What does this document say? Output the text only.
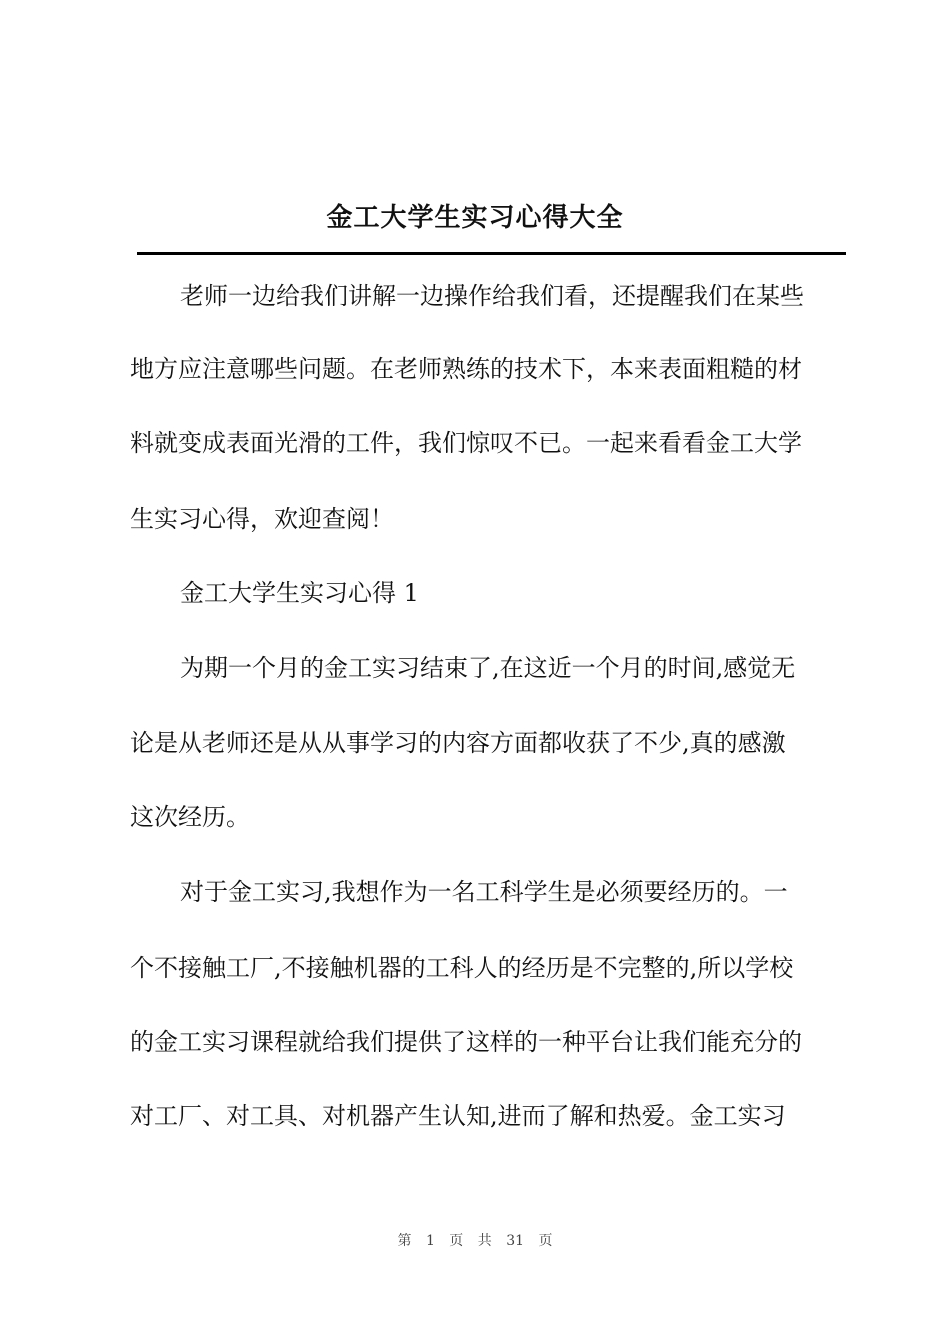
金工大学生实习心得大全
老师一边给我们讲解一边操作给我们看，还提醒我们在某些
地方应注意哪些问题。在老师熟练的技术下，本来表面粗糙的材
料就变成表面光滑的工件，我们惊叹不已。一起来看看金工大学
生实习心得，欢迎查阅！
金工大学生实习心得 1
为期一个月的金工实习结束了,在这近一个月的时间,感觉无
论是从老师还是从从事学习的内容方面都收获了不少,真的感激
这次经历。
对于金工实习,我想作为一名工科学生是必须要经历的。一
个不接触工厂,不接触机器的工科人的经历是不完整的,所以学校
的金工实习课程就给我们提供了这样的一种平台让我们能充分的
对工厂、对工具、对机器产生认知,进而了解和热爱。金工实习
第 1 页 共 31 页
